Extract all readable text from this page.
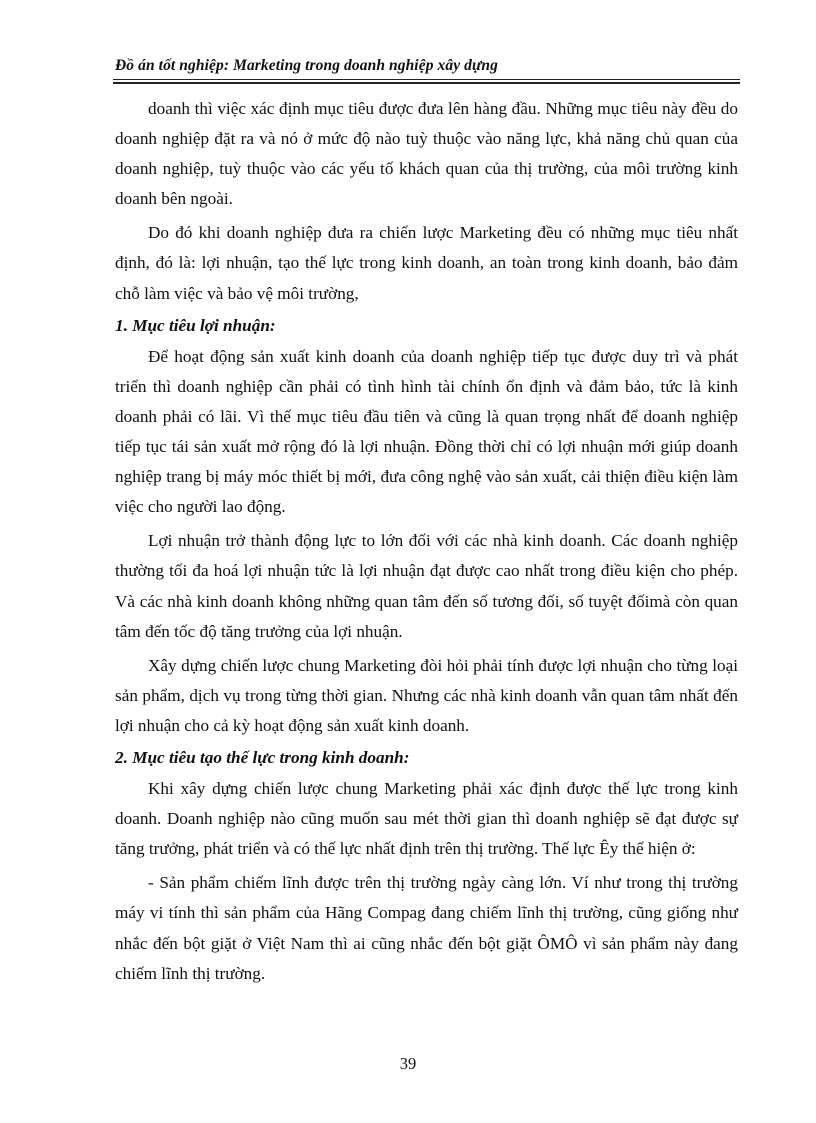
Đồ án tốt nghiệp: Marketing trong doanh nghiệp xây dựng

doanh thì việc xác định mục tiêu được đưa lên hàng đầu. Những mục tiêu này đều do doanh nghiệp đặt ra và nó ở mức độ nào tuỳ thuộc vào năng lực, khả năng chủ quan của doanh nghiệp, tuỳ thuộc vào các yếu tố khách quan của thị trường, của môi trường kinh doanh bên ngoài.

Do đó khi doanh nghiệp đưa ra chiến lược Marketing đều có những mục tiêu nhất định, đó là: lợi nhuận, tạo thế lực trong kinh doanh, an toàn trong kinh doanh, bảo đảm chỗ làm việc và bảo vệ môi trường,

1. Mục tiêu lợi nhuận:

Để hoạt động sản xuất kinh doanh của doanh nghiệp tiếp tục được duy trì và phát triển thì doanh nghiệp cần phải có tình hình tài chính ổn định và đảm bảo, tức là kinh doanh phải có lãi. Vì thế mục tiêu đầu tiên và cũng là quan trọng nhất để doanh nghiệp tiếp tục tái sản xuất mở rộng đó là lợi nhuận. Đồng thời chỉ có lợi nhuận mới giúp doanh nghiệp trang bị máy móc thiết bị mới, đưa công nghệ vào sản xuất, cải thiện điều kiện làm việc cho người lao động.

Lợi nhuận trở thành động lực to lớn đối với các nhà kinh doanh. Các doanh nghiệp thường tối đa hoá lợi nhuận tức là lợi nhuận đạt được cao nhất trong điều kiện cho phép. Và các nhà kinh doanh không những quan tâm đến số tương đối, số tuyệt đốimà còn quan tâm đến tốc độ tăng trưởng của lợi nhuận.

Xây dựng chiến lược chung Marketing đòi hỏi phải tính được lợi nhuận cho từng loại sản phẩm, dịch vụ trong từng thời gian. Nhưng các nhà kinh doanh vẫn quan tâm nhất đến lợi nhuận cho cả kỳ hoạt động sản xuất kinh doanh.

2. Mục tiêu tạo thế lực trong kinh doanh:

Khi xây dựng chiến lược chung Marketing phải xác định được thế lực trong kinh doanh. Doanh nghiệp nào cũng muốn sau mét thời gian thì doanh nghiệp sẽ đạt được sự tăng trưởng, phát triển và có thế lực nhất định trên thị trường. Thế lực Êy thể hiện ở:

- Sản phẩm chiếm lĩnh được trên thị trường ngày càng lớn. Ví như trong thị trường máy vi tính thì sản phẩm của Hãng Compag đang chiếm lĩnh thị trường, cũng giống như nhắc đến bột giặt ở Việt Nam thì ai cũng nhắc đến bột giặt ÔMÔ vì sản phẩm này đang chiếm lĩnh thị trường.

39
